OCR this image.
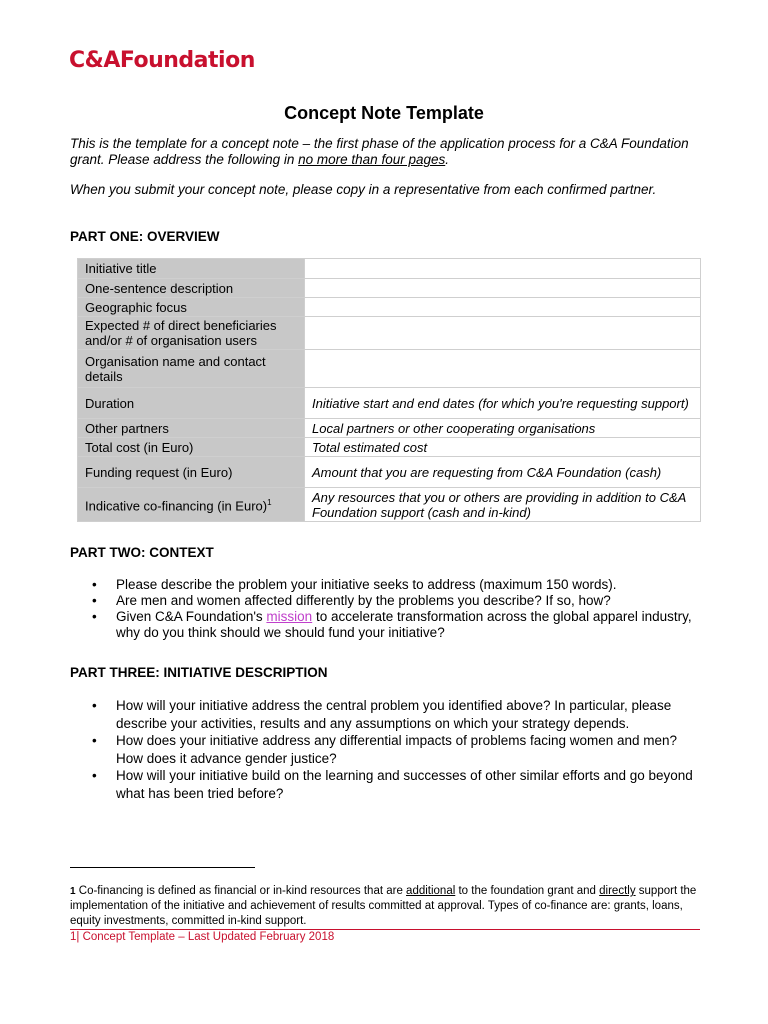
C&AFoundation
Concept Note Template

This is the template for a concept note – the first phase of the application process for a C&A Foundation grant. Please address the following in no more than four pages.

When you submit your concept note, please copy in a representative from each confirmed partner.

PART ONE: OVERVIEW
Initiative title	
One-sentence description	
Geographic focus	
Expected # of direct beneficiaries and/or # of organisation users	
Organisation name and contact details	
Duration	Initiative start and end dates (for which you're requesting support)
Other partners	Local partners or other cooperating organisations
Total cost (in Euro)	Total estimated cost
Funding request (in Euro)	Amount that you are requesting from C&A Foundation (cash)
Indicative co-financing (in Euro)$^1$	Any resources that you or others are providing in addition to C&A Foundation support (cash and in-kind)
PART TWO: CONTEXT
• Please describe the problem your initiative seeks to address (maximum 150 words).
• Are men and women affected differently by the problems you describe? If so, how?
• Given C&A Foundation's mission to accelerate transformation across the global apparel industry, why do you think should we should fund your initiative?
PART THREE: INITIATIVE DESCRIPTION
• How will your initiative address the central problem you identified above? In particular, please describe your activities, results and any assumptions on which your strategy depends.
• How does your initiative address any differential impacts of problems facing women and men? How does it advance gender justice?
• How will your initiative build on the learning and successes of other similar efforts and go beyond what has been tried before?
1 Co-financing is defined as financial or in-kind resources that are additional to the foundation grant and directly support the implementation of the initiative and achievement of results committed at approval. Types of co-finance are: grants, loans, equity investments, committed in-kind support.
1| Concept Template – Last Updated February 2018
